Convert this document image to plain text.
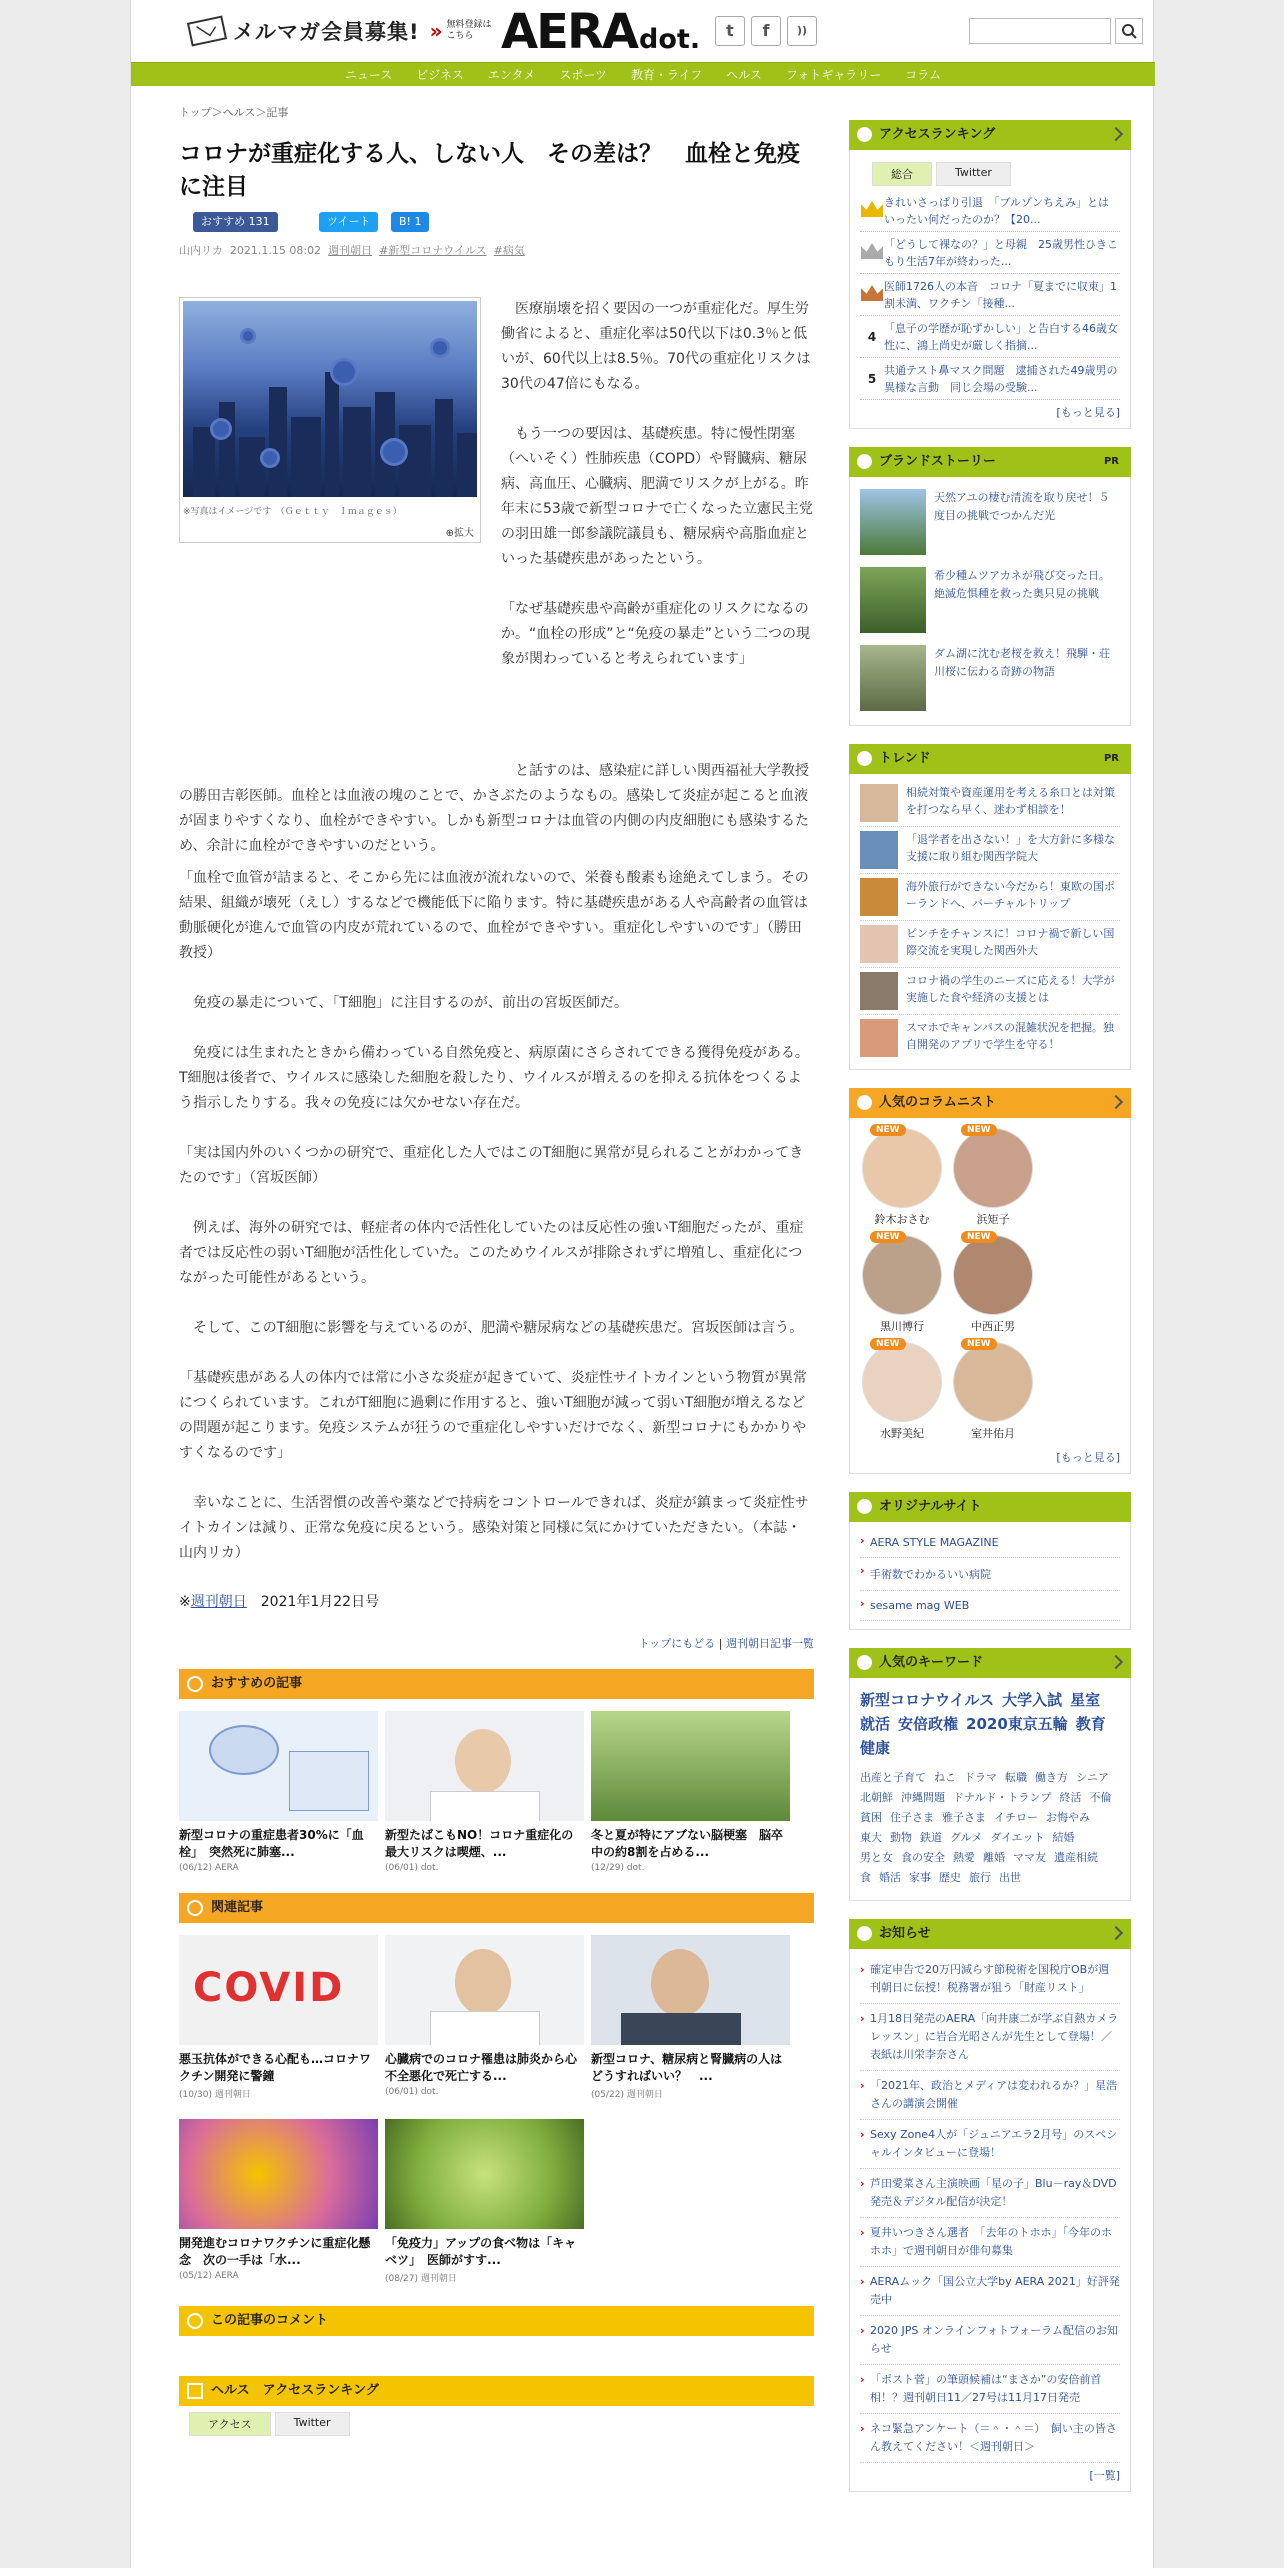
メルマガ会員募集! » 無料登録は
こちら AERA dot.	t	f	))
ニュース	ビジネス	エンタメ	スポーツ	教育・ライフ	ヘルス	フォトギャラリー	コラム
トップ＞ヘルス＞記事
コロナが重症化する人、しない人　その差は？　血栓と免疫に注目
おすすめ 131	ツイート	B! 1
山内リカ 2021.1.15 08:02 週刊朝日 #新型コロナウイルス #病気
※写真はイメージです　（Ｇｅｔｔｙ　Ｉｍａｇｅｓ）
⊕拡大

　医療崩壊を招く要因の一つが重症化だ。厚生労働省によると、重症化率は50代以下は0.3％と低いが、60代以上は8.5％。70代の重症化リスクは30代の47倍にもなる。

　もう一つの要因は、基礎疾患。特に慢性閉塞（へいそく）性肺疾患（COPD）や腎臓病、糖尿病、高血圧、心臓病、肥満でリスクが上がる。昨年末に53歳で新型コロナで亡くなった立憲民主党の羽田雄一郎参議院議員も、糖尿病や高脂血症といった基礎疾患があったという。

「なぜ基礎疾患や高齢が重症化のリスクになるのか。“血栓の形成”と“免疫の暴走”という二つの現象が関わっていると考えられています」

　と話すのは、感染症に詳しい関西福祉大学教授の勝田吉彰医師。血栓とは血液の塊のことで、かさぶたのようなもの。感染して炎症が起こると血液が固まりやすくなり、血栓ができやすい。しかも新型コロナは血管の内側の内皮細胞にも感染するため、余計に血栓ができやすいのだという。

「血栓で血管が詰まると、そこから先には血液が流れないので、栄養も酸素も途絶えてしまう。その結果、組織が壊死（えし）するなどで機能低下に陥ります。特に基礎疾患がある人や高齢者の血管は動脈硬化が進んで血管の内皮が荒れているので、血栓ができやすい。重症化しやすいのです」（勝田教授）

　免疫の暴走について、「T細胞」に注目するのが、前出の宮坂医師だ。

　免疫には生まれたときから備わっている自然免疫と、病原菌にさらされてできる獲得免疫がある。T細胞は後者で、ウイルスに感染した細胞を殺したり、ウイルスが増えるのを抑える抗体をつくるよう指示したりする。我々の免疫には欠かせない存在だ。

「実は国内外のいくつかの研究で、重症化した人ではこのT細胞に異常が見られることがわかってきたのです」（宮坂医師）

　例えば、海外の研究では、軽症者の体内で活性化していたのは反応性の強いT細胞だったが、重症者では反応性の弱いT細胞が活性化していた。このためウイルスが排除されずに増殖し、重症化につながった可能性があるという。

　そして、このT細胞に影響を与えているのが、肥満や糖尿病などの基礎疾患だ。宮坂医師は言う。

「基礎疾患がある人の体内では常に小さな炎症が起きていて、炎症性サイトカインという物質が異常につくられています。これがT細胞に過剰に作用すると、強いT細胞が減って弱いT細胞が増えるなどの問題が起こります。免疫システムが狂うので重症化しやすいだけでなく、新型コロナにもかかりやすくなるのです」

　幸いなことに、生活習慣の改善や薬などで持病をコントロールできれば、炎症が鎮まって炎症性サイトカインは減り、正常な免疫に戻るという。感染対策と同様に気にかけていただきたい。（本誌・山内リカ）

※週刊朝日　2021年1月22日号
トップにもどる | 週刊朝日記事一覧
おすすめの記事
新型コロナの重症患者30%に「血栓」　突然死に肺塞...
(06/12) AERA
新型たばこもNO！コロナ重症化の最大リスクは喫煙、...
(06/01) dot.
冬と夏が特にアブない脳梗塞　脳卒中の約8割を占める...
(12/29) dot.
関連記事
COVID
悪玉抗体ができる心配も…コロナワクチン開発に警鐘
(10/30) 週刊朝日
心臓病でのコロナ罹患は肺炎から心不全悪化で死亡する...
(06/01) dot.
新型コロナ、糖尿病と腎臓病の人はどうすればいい？　...
(05/22) 週刊朝日
開発進むコロナワクチンに重症化懸念　次の一手は「水...
(05/12) AERA
「免疫力」アップの食べ物は「キャベツ」　医師がすす...
(08/27) 週刊朝日
この記事のコメント
ヘルス　アクセスランキング
アクセス	Twitter
アクセスランキング
総合	Twitter
きれいさっぱり引退　「ブルゾンちえみ」とはいったい何だったのか？【20...
「どうして裸なの？」と母親　25歳男性ひきこもり生活7年が終わった...
医師1726人の本音　コロナ「夏までに収束」1割未満、ワクチン「接種...
4
「息子の学歴が恥ずかしい」と告白する46歳女性に、鴻上尚史が厳しく指摘...
5
共通テスト鼻マスク問題　逮捕された49歳男の異様な言動　同じ会場の受験...
[もっと見る]
ブランドストーリー	PR
天然アユの棲む清流を取り戻せ！５度目の挑戦でつかんだ光
希少種ムツアカネが飛び交った日。絶滅危惧種を救った奥只見の挑戦
ダム湖に沈む老桜を救え！飛騨・荘川桜に伝わる奇跡の物語
トレンド	PR
相続対策や資産運用を考える糸口とは対策を打つなら早く、迷わず相談を！
「退学者を出さない！」を大方針に多様な支援に取り組む関西学院大
海外旅行ができない今だから！東欧の国ポーランドへ、バーチャルトリップ
ピンチをチャンスに！コロナ禍で新しい国際交流を実現した関西外大
コロナ禍の学生のニーズに応える！大学が実施した食や経済の支援とは
スマホでキャンパスの混雑状況を把握。独自開発のアプリで学生を守る！
人気のコラムニスト
NEW
鈴木おさむ
NEW
浜矩子
NEW
黒川博行
NEW
中西正男
NEW
水野美紀
NEW
室井佑月
[もっと見る]
オリジナルサイト
› AERA STYLE MAGAZINE
› 手術数でわかるいい病院
› sesame mag WEB
人気のキーワード
新型コロナウイルス 大学入試 星室就活 安倍政権 2020東京五輪 教育健康
出産と子育て ねこ ドラマ 転職 働き方 シニア北朝鮮 沖縄問題 ドナルド・トランプ 終活 不倫貧困 住子さま 雅子さま イチロー お悔やみ東大 動物 鉄道 グルメ ダイエット 結婚男と女 食の安全 熱愛 離婚 ママ友 遺産相続食 婚活 家事 歴史 旅行 出世
お知らせ
› 確定申告で20万円減らす節税術を国税庁OBが週刊朝日に伝授！税務署が狙う「財産リスト」
› 1月18日発売のAERA「向井康二が学ぶ自熱カメラレッスン」に岩合光昭さんが先生として登場！／表紙は川栄李奈さん
› 「2021年、政治とメディアは変われるか？」星浩さんの講演会開催
› Sexy Zone4人が「ジュニアエラ2月号」のスペシャルインタビューに登場！
› 芦田愛菜さん主演映画「星の子」Blu－ray＆DVD発売＆デジタル配信が決定！
› 夏井いつきさん選者　「去年のトホホ」「今年のホホホ」で週刊朝日が俳句募集
› AERAムック「国公立大学by AERA 2021」好評発売中
› 2020 JPS オンラインフォトフォーラム配信のお知らせ
› 「ポスト菅」の筆頭候補は“まさか”の安倍前首相！？週刊朝日11／27号は11月17日発売
› ネコ緊急アンケート（＝＾・＾＝）　飼い主の皆さん教えてください！＜週刊朝日＞
[一覧]
